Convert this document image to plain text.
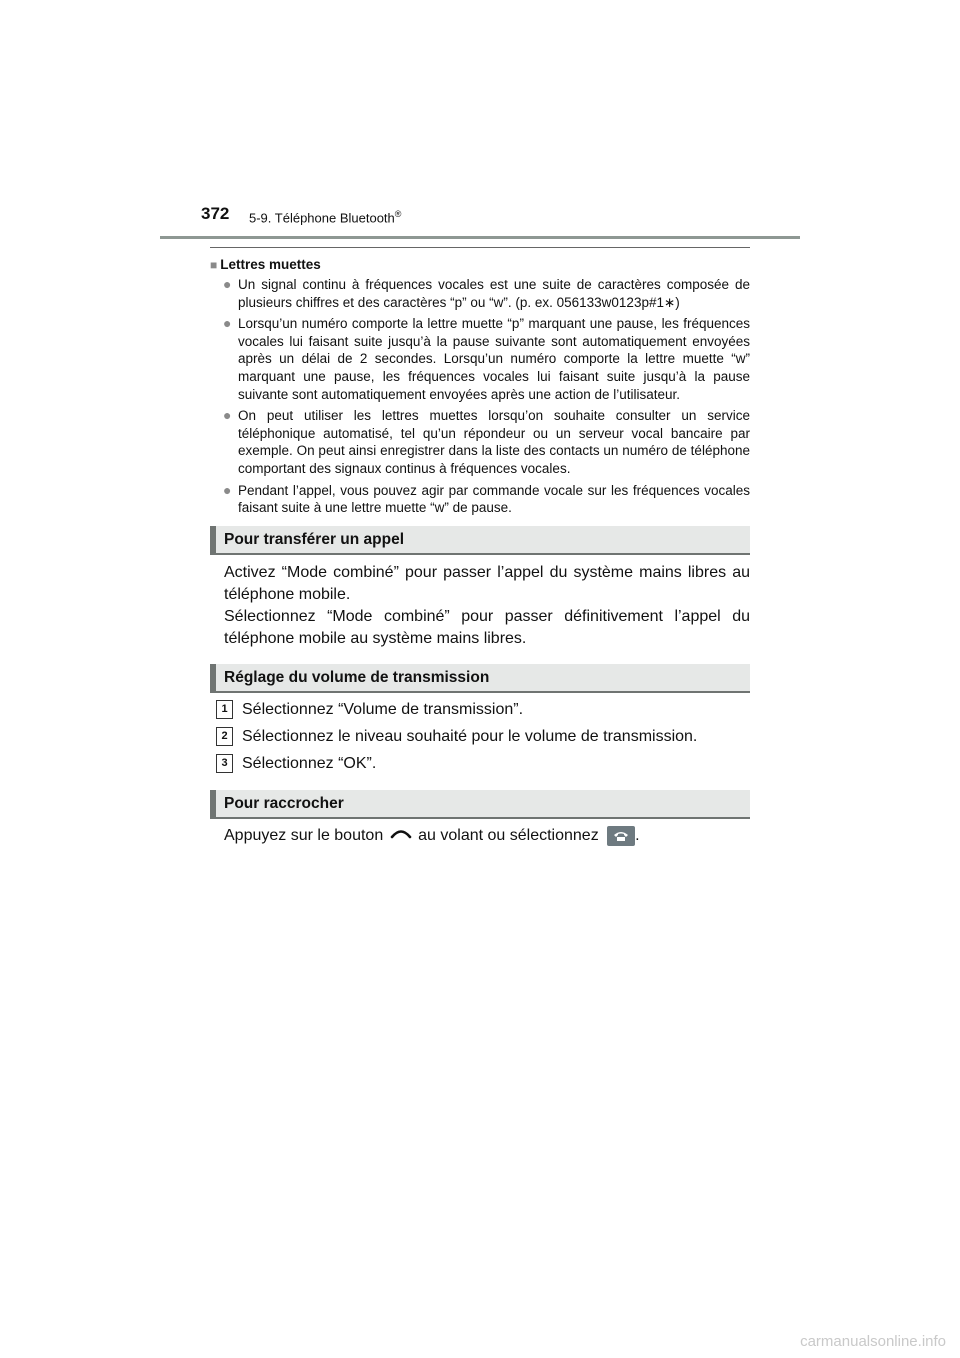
372 5-9. Téléphone Bluetooth®
■ Lettres muettes
● Un signal continu à fréquences vocales est une suite de caractères composée de plusieurs chiffres et des caractères “p” ou “w”. (p. ex. 056133w0123p#1∗)
● Lorsqu’un numéro comporte la lettre muette “p” marquant une pause, les fréquences vocales lui faisant suite jusqu’à la pause suivante sont automatiquement envoyées après un délai de 2 secondes. Lorsqu’un numéro comporte la lettre muette “w” marquant une pause, les fréquences vocales lui faisant suite jusqu’à la pause suivante sont automatiquement envoyées après une action de l’utilisateur.
● On peut utiliser les lettres muettes lorsqu’on souhaite consulter un service téléphonique automatisé, tel qu’un répondeur ou un serveur vocal bancaire par exemple. On peut ainsi enregistrer dans la liste des contacts un numéro de téléphone comportant des signaux continus à fréquences vocales.
● Pendant l’appel, vous pouvez agir par commande vocale sur les fréquences vocales faisant suite à une lettre muette “w” de pause.
Pour transférer un appel

Activez “Mode combiné” pour passer l’appel du système mains libres au téléphone mobile.

Sélectionnez “Mode combiné” pour passer définitivement l’appel du téléphone mobile au système mains libres.

Réglage du volume de transmission
1 Sélectionnez “Volume de transmission”.
2 Sélectionnez le niveau souhaité pour le volume de transmission.
3 Sélectionnez “OK”.
Pour raccrocher
Appuyez sur le bouton au volant ou sélectionnez .
carmanualsonline.info
